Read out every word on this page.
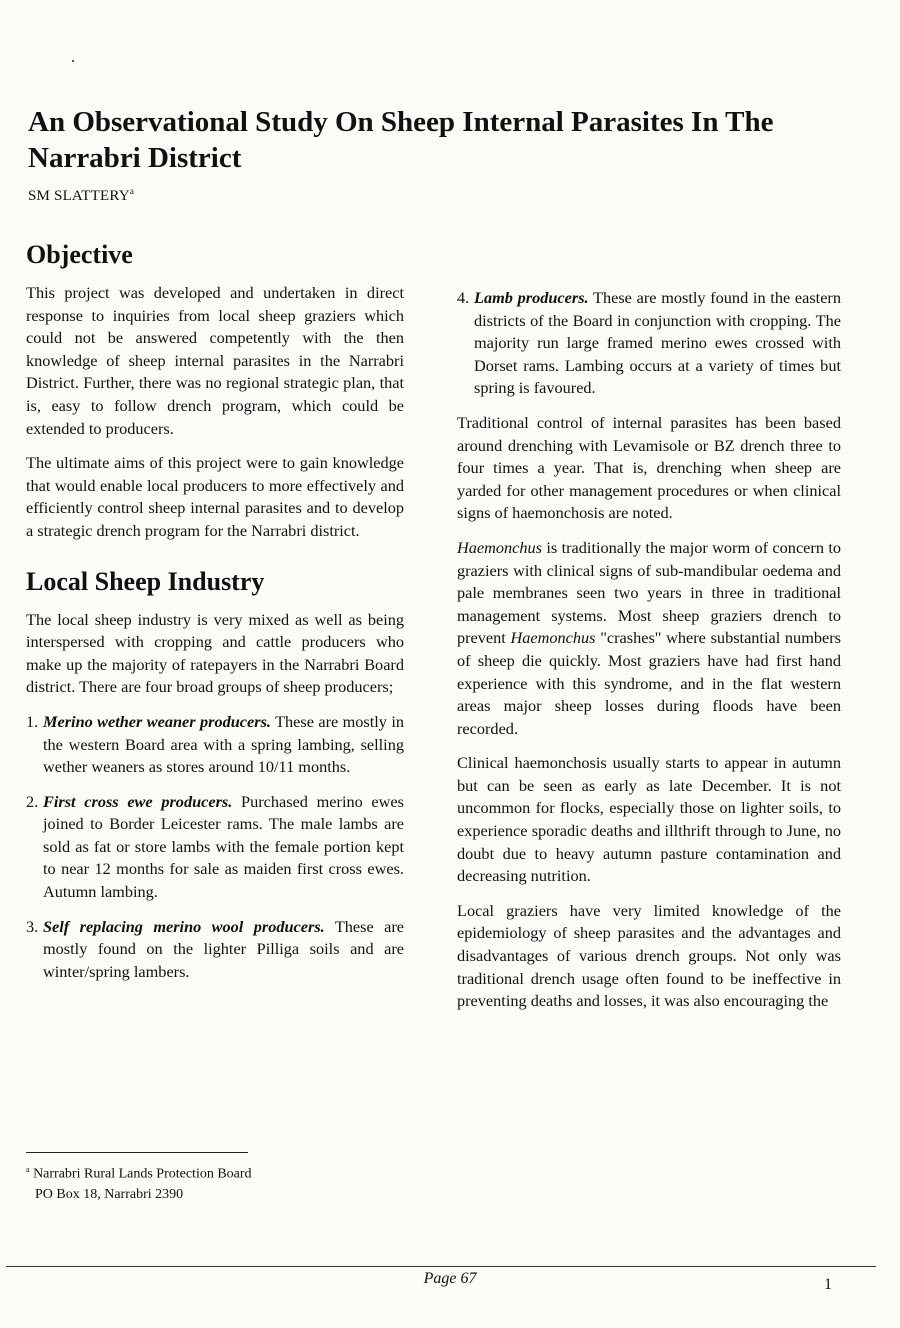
An Observational Study On Sheep Internal Parasites In The Narrabri District
SM SLATTERY$^a$
Objective

This project was developed and undertaken in direct response to inquiries from local sheep graziers which could not be answered competently with the then knowledge of sheep internal parasites in the Narrabri District. Further, there was no regional strategic plan, that is, easy to follow drench program, which could be extended to producers.

The ultimate aims of this project were to gain knowledge that would enable local producers to more effectively and efficiently control sheep internal parasites and to develop a strategic drench program for the Narrabri district.

Local Sheep Industry

The local sheep industry is very mixed as well as being interspersed with cropping and cattle producers who make up the majority of ratepayers in the Narrabri Board district. There are four broad groups of sheep producers;

1. Merino wether weaner producers. These are mostly in the western Board area with a spring lambing, selling wether weaners as stores around 10/11 months.
2. First cross ewe producers. Purchased merino ewes joined to Border Leicester rams. The male lambs are sold as fat or store lambs with the female portion kept to near 12 months for sale as maiden first cross ewes. Autumn lambing.
3. Self replacing merino wool producers. These are mostly found on the lighter Pilliga soils and are winter/spring lambers.
4. Lamb producers. These are mostly found in the eastern districts of the Board in conjunction with cropping. The majority run large framed merino ewes crossed with Dorset rams. Lambing occurs at a variety of times but spring is favoured.

Traditional control of internal parasites has been based around drenching with Levamisole or BZ drench three to four times a year. That is, drenching when sheep are yarded for other management procedures or when clinical signs of haemonchosis are noted.

Haemonchus is traditionally the major worm of concern to graziers with clinical signs of sub-mandibular oedema and pale membranes seen two years in three in traditional management systems. Most sheep graziers drench to prevent Haemonchus "crashes" where substantial numbers of sheep die quickly. Most graziers have had first hand experience with this syndrome, and in the flat western areas major sheep losses during floods have been recorded.

Clinical haemonchosis usually starts to appear in autumn but can be seen as early as late December. It is not uncommon for flocks, especially those on lighter soils, to experience sporadic deaths and illthrift through to June, no doubt due to heavy autumn pasture contamination and decreasing nutrition.

Local graziers have very limited knowledge of the epidemiology of sheep parasites and the advantages and disadvantages of various drench groups. Not only was traditional drench usage often found to be ineffective in preventing deaths and losses, it was also encouraging the

$^a$ Narrabri Rural Lands Protection Board
PO Box 18, Narrabri 2390
Page 67	1
